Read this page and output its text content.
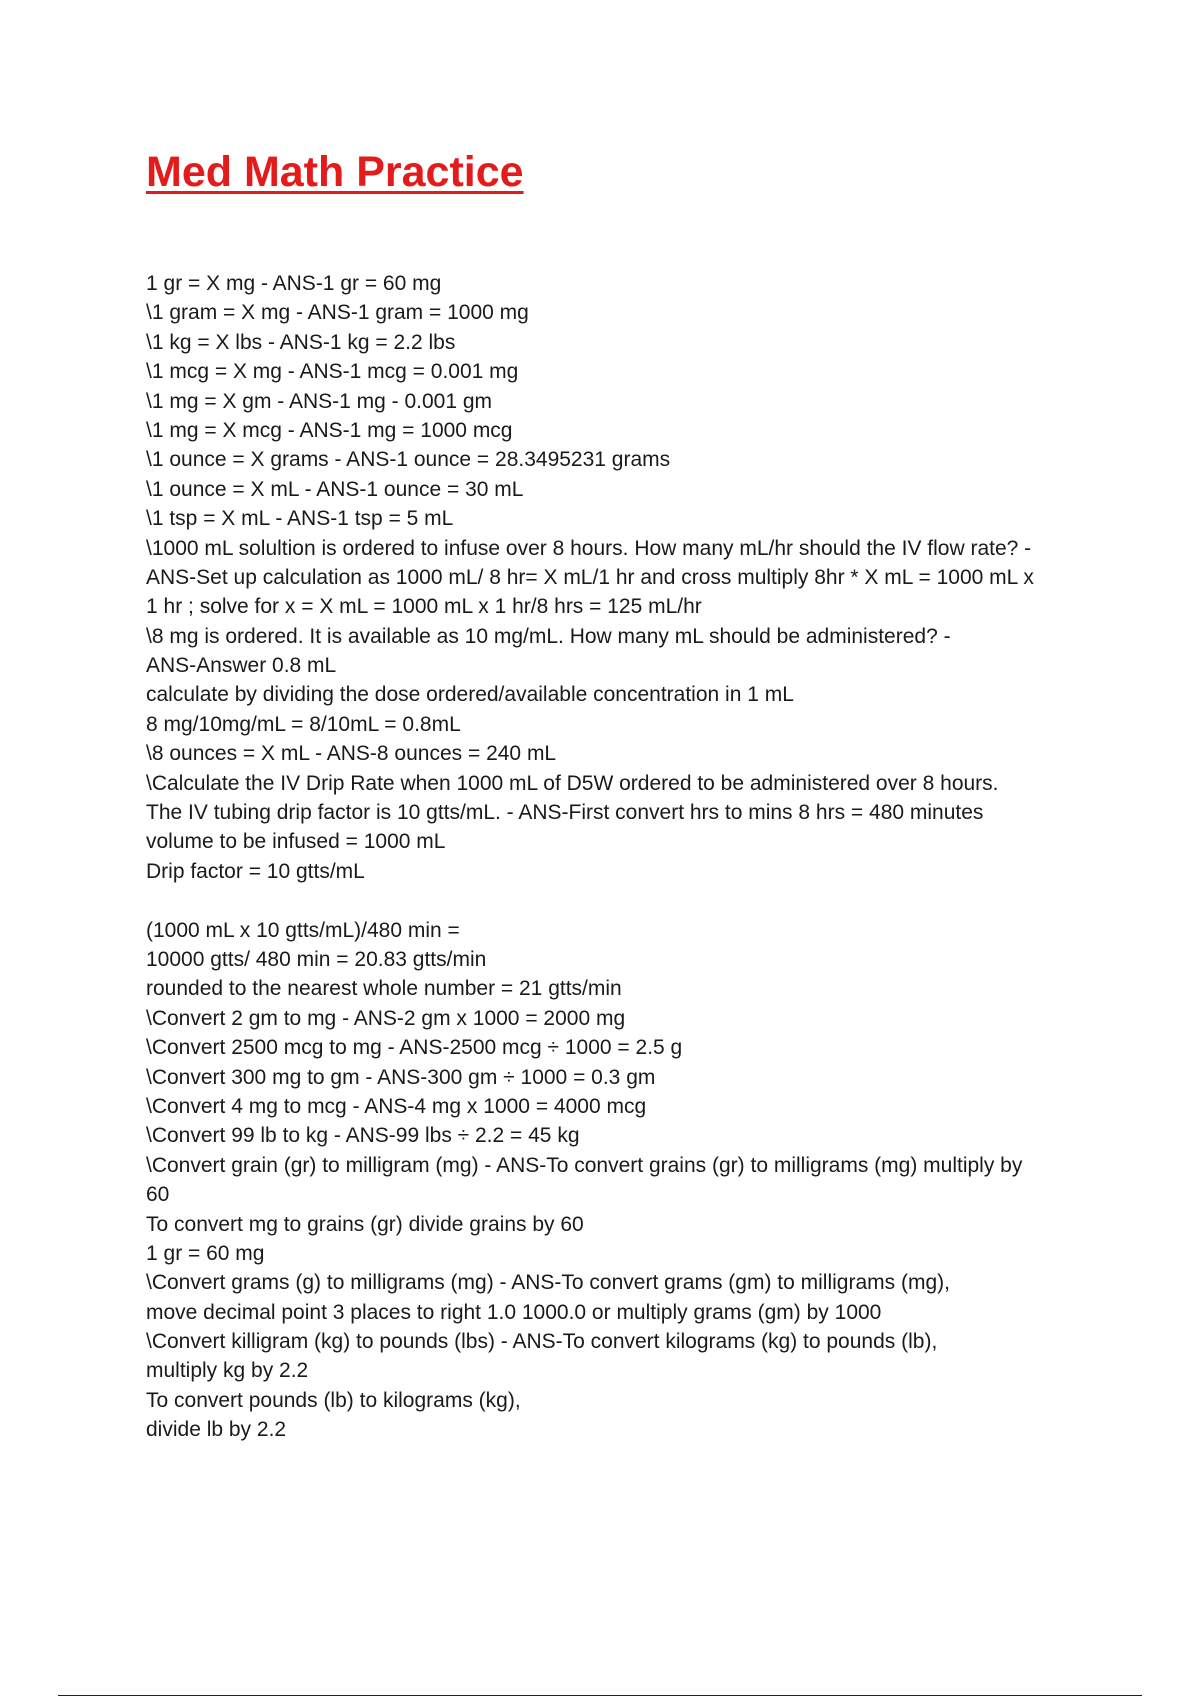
Med Math Practice
1 gr = X mg - ANS-1 gr = 60 mg
\1 gram = X mg - ANS-1 gram = 1000 mg
\1 kg = X lbs - ANS-1 kg = 2.2 lbs
\1 mcg = X mg - ANS-1 mcg = 0.001 mg
\1 mg = X gm - ANS-1 mg - 0.001 gm
\1 mg = X mcg - ANS-1 mg = 1000 mcg
\1 ounce = X grams - ANS-1 ounce = 28.3495231 grams
\1 ounce = X mL - ANS-1 ounce = 30 mL
\1 tsp = X mL - ANS-1 tsp = 5 mL
\1000 mL solultion is ordered to infuse over 8 hours. How many mL/hr should the IV flow rate? -
ANS-Set up calculation as 1000 mL/ 8 hr= X mL/1 hr and cross multiply 8hr * X mL = 1000 mL x
1 hr ; solve for x = X mL = 1000 mL x 1 hr/8 hrs = 125 mL/hr
\8 mg is ordered. It is available as 10 mg/mL. How many mL should be administered? -
ANS-Answer 0.8 mL
calculate by dividing the dose ordered/available concentration in 1 mL
8 mg/10mg/mL = 8/10mL = 0.8mL
\8 ounces = X mL - ANS-8 ounces = 240 mL
\Calculate the IV Drip Rate when 1000 mL of D5W ordered to be administered over 8 hours.
The IV tubing drip factor is 10 gtts/mL. - ANS-First convert hrs to mins 8 hrs = 480 minutes
volume to be infused = 1000 mL
Drip factor = 10 gtts/mL
(1000 mL x 10 gtts/mL)/480 min =
10000 gtts/ 480 min = 20.83 gtts/min
rounded to the nearest whole number = 21 gtts/min
\Convert 2 gm to mg - ANS-2 gm x 1000 = 2000 mg
\Convert 2500 mcg to mg - ANS-2500 mcg ÷ 1000 = 2.5 g
\Convert 300 mg to gm - ANS-300 gm ÷ 1000 = 0.3 gm
\Convert 4 mg to mcg - ANS-4 mg x 1000 = 4000 mcg
\Convert 99 lb to kg - ANS-99 lbs ÷ 2.2 = 45 kg
\Convert grain (gr) to milligram (mg) - ANS-To convert grains (gr) to milligrams (mg) multiply by
60
To convert mg to grains (gr) divide grains by 60
1 gr = 60 mg
\Convert grams (g) to milligrams (mg) - ANS-To convert grams (gm) to milligrams (mg),
move decimal point 3 places to right 1.0 1000.0 or multiply grams (gm) by 1000
\Convert killigram (kg) to pounds (lbs) - ANS-To convert kilograms (kg) to pounds (lb),
multiply kg by 2.2
To convert pounds (lb) to kilograms (kg),
divide lb by 2.2
